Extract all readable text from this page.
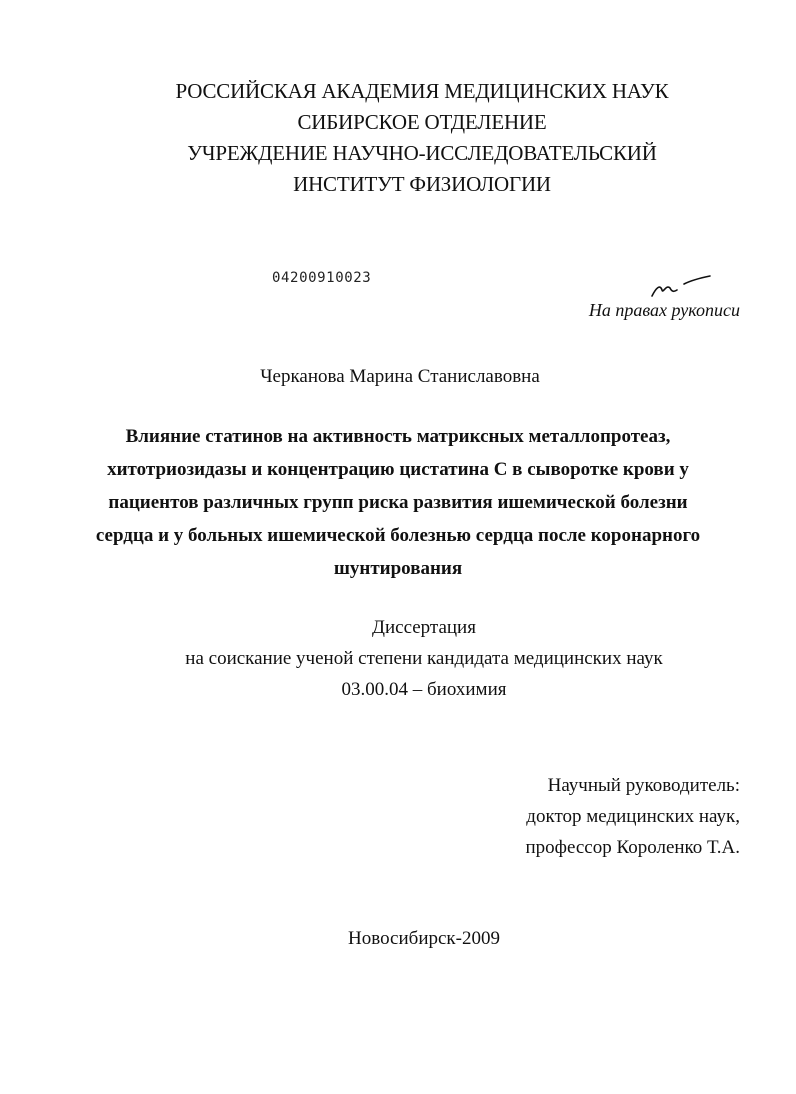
РОССИЙСКАЯ АКАДЕМИЯ МЕДИЦИНСКИХ НАУК
СИБИРСКОЕ ОТДЕЛЕНИЕ
УЧРЕЖДЕНИЕ НАУЧНО-ИССЛЕДОВАТЕЛЬСКИЙ
ИНСТИТУТ ФИЗИОЛОГИИ
04200910023
На правах рукописи
Черканова Марина Станиславовна
Влияние статинов на активность матриксных металлопротеаз,
хитотриозидазы и концентрацию цистатина С в сыворотке крови у
пациентов различных групп риска развития ишемической болезни
сердца и у больных ишемической болезнью сердца после коронарного
шунтирования
Диссертация
на соискание ученой степени кандидата медицинских наук
03.00.04 – биохимия
Научный руководитель:
доктор медицинских наук,
профессор Короленко Т.А.
Новосибирск-2009
